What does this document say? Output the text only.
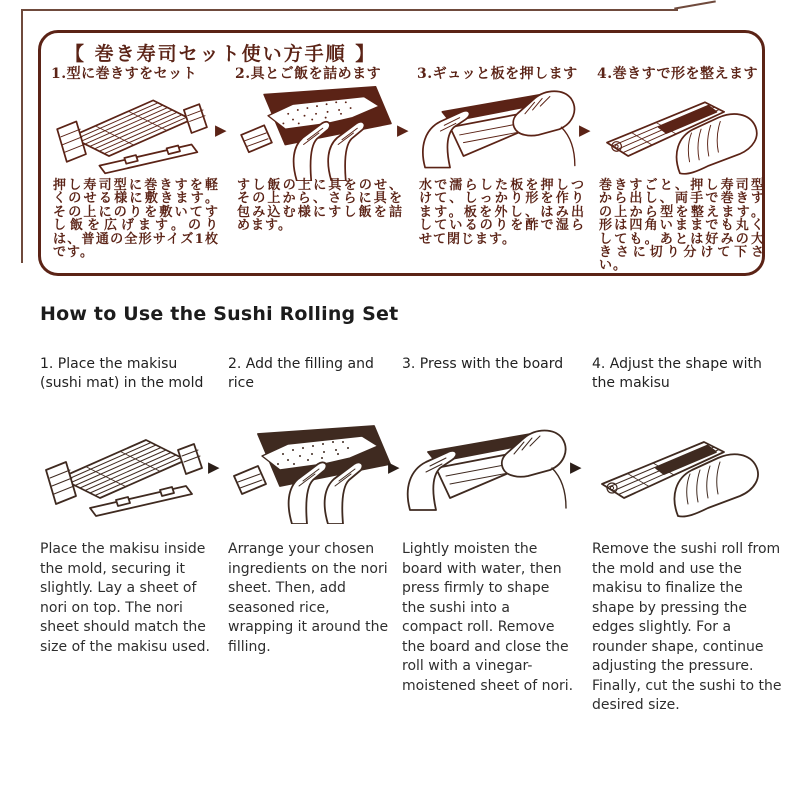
【 巻き寿司セット使い方手順 】
1.型に巻きすをセット
押し寿司型に巻きすを軽くのせる様に敷きます。その上にのりを敷いてすし飯を広げます。のりは、普通の全形サイズ1枚です。
▶
2.具とご飯を詰めます
すし飯の上に具をのせ、その上から、さらに具を包み込む様にすし飯を詰めます。
▶
3.ギュッと板を押します
水で濡らした板を押しつけて、しっかり形を作ります。板を外し、はみ出しているのりを酢で湿らせて閉じます。
▶
4.巻きすで形を整えます
巻きすごと、押し寿司型から出し、両手で巻きすの上から型を整えます。形は四角いままでも丸くしても。あとは好みの大きさに切り分けて下さい。
How to Use the Sushi Rolling Set
1. Place the makisu (sushi mat) in the mold
Place the makisu inside the mold, securing it slightly. Lay a sheet of nori on top. The nori sheet should match the size of the makisu used.
▶
2. Add the filling and rice
Arrange your chosen ingredients on the nori sheet. Then, add seasoned rice, wrapping it around the filling.
▶
3. Press with the board
Lightly moisten the board with water, then press firmly to shape the sushi into a compact roll. Remove the board and close the roll with a vinegar-moistened sheet of nori.
▶
4. Adjust the shape with the makisu
Remove the sushi roll from the mold and use the makisu to finalize the shape by pressing the edges slightly. For a rounder shape, continue adjusting the pressure. Finally, cut the sushi to the desired size.
